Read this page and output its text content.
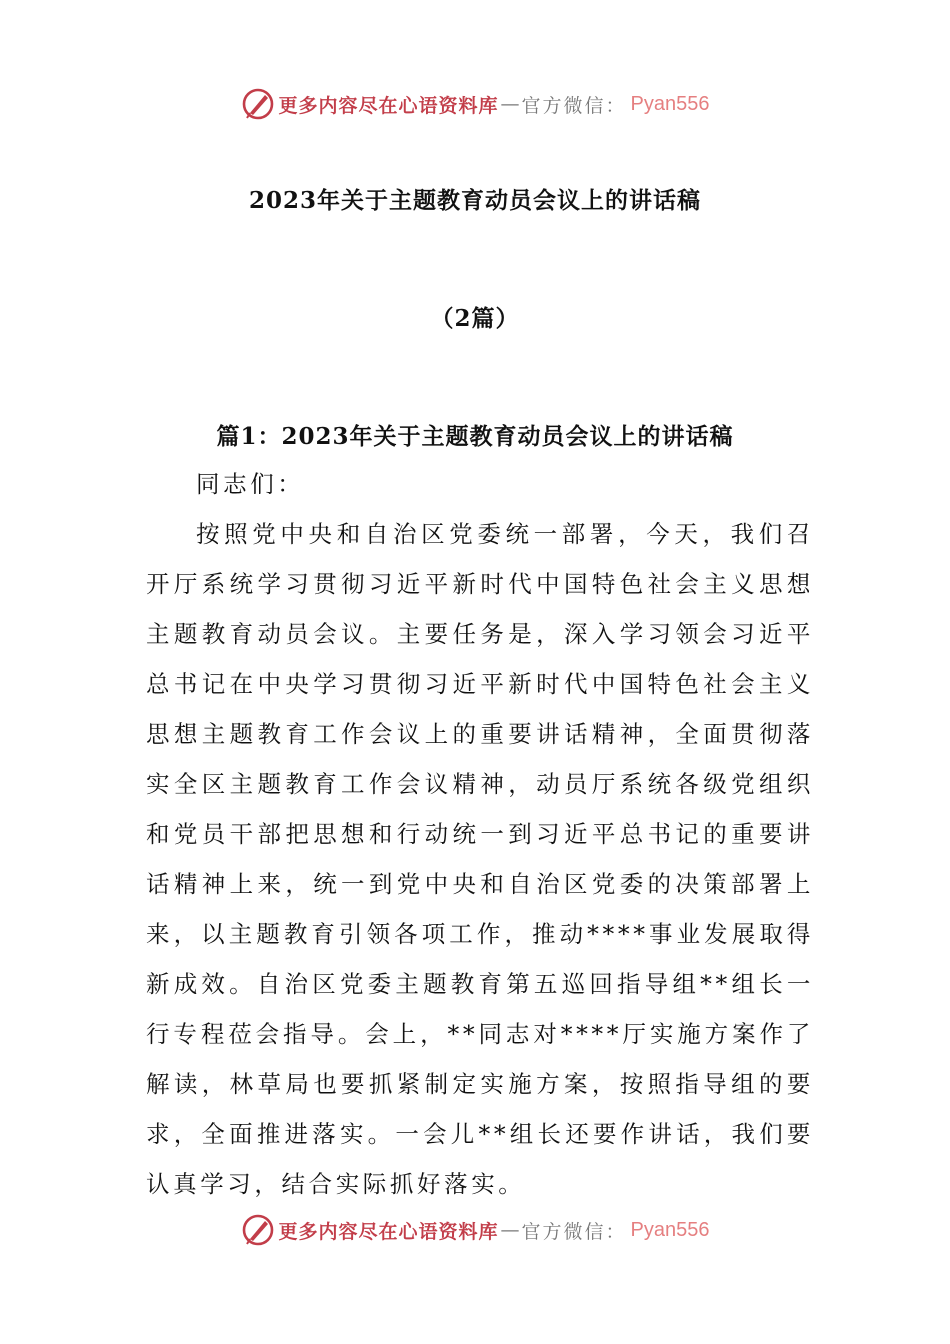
更多内容尽在心语资料库 — 官方微信： Pyan556
2023年关于主题教育动员会议上的讲话稿
（2篇）
篇1：2023年关于主题教育动员会议上的讲话稿
同志们：
按照党中央和自治区党委统一部署，今天，我们召开厅系统学习贯彻习近平新时代中国特色社会主义思想主题教育动员会议。主要任务是，深入学习领会习近平总书记在中央学习贯彻习近平新时代中国特色社会主义思想主题教育工作会议上的重要讲话精神，全面贯彻落实全区主题教育工作会议精神，动员厅系统各级党组织和党员干部把思想和行动统一到习近平总书记的重要讲话精神上来，统一到党中央和自治区党委的决策部署上来，以主题教育引领各项工作，推动****事业发展取得新成效。自治区党委主题教育第五巡回指导组**组长一行专程莅会指导。会上，**同志对****厅实施方案作了解读，林草局也要抓紧制定实施方案，按照指导组的要求，全面推进落实。一会儿**组长还要作讲话，我们要认真学习，结合实际抓好落实。
更多内容尽在心语资料库 — 官方微信： Pyan556
